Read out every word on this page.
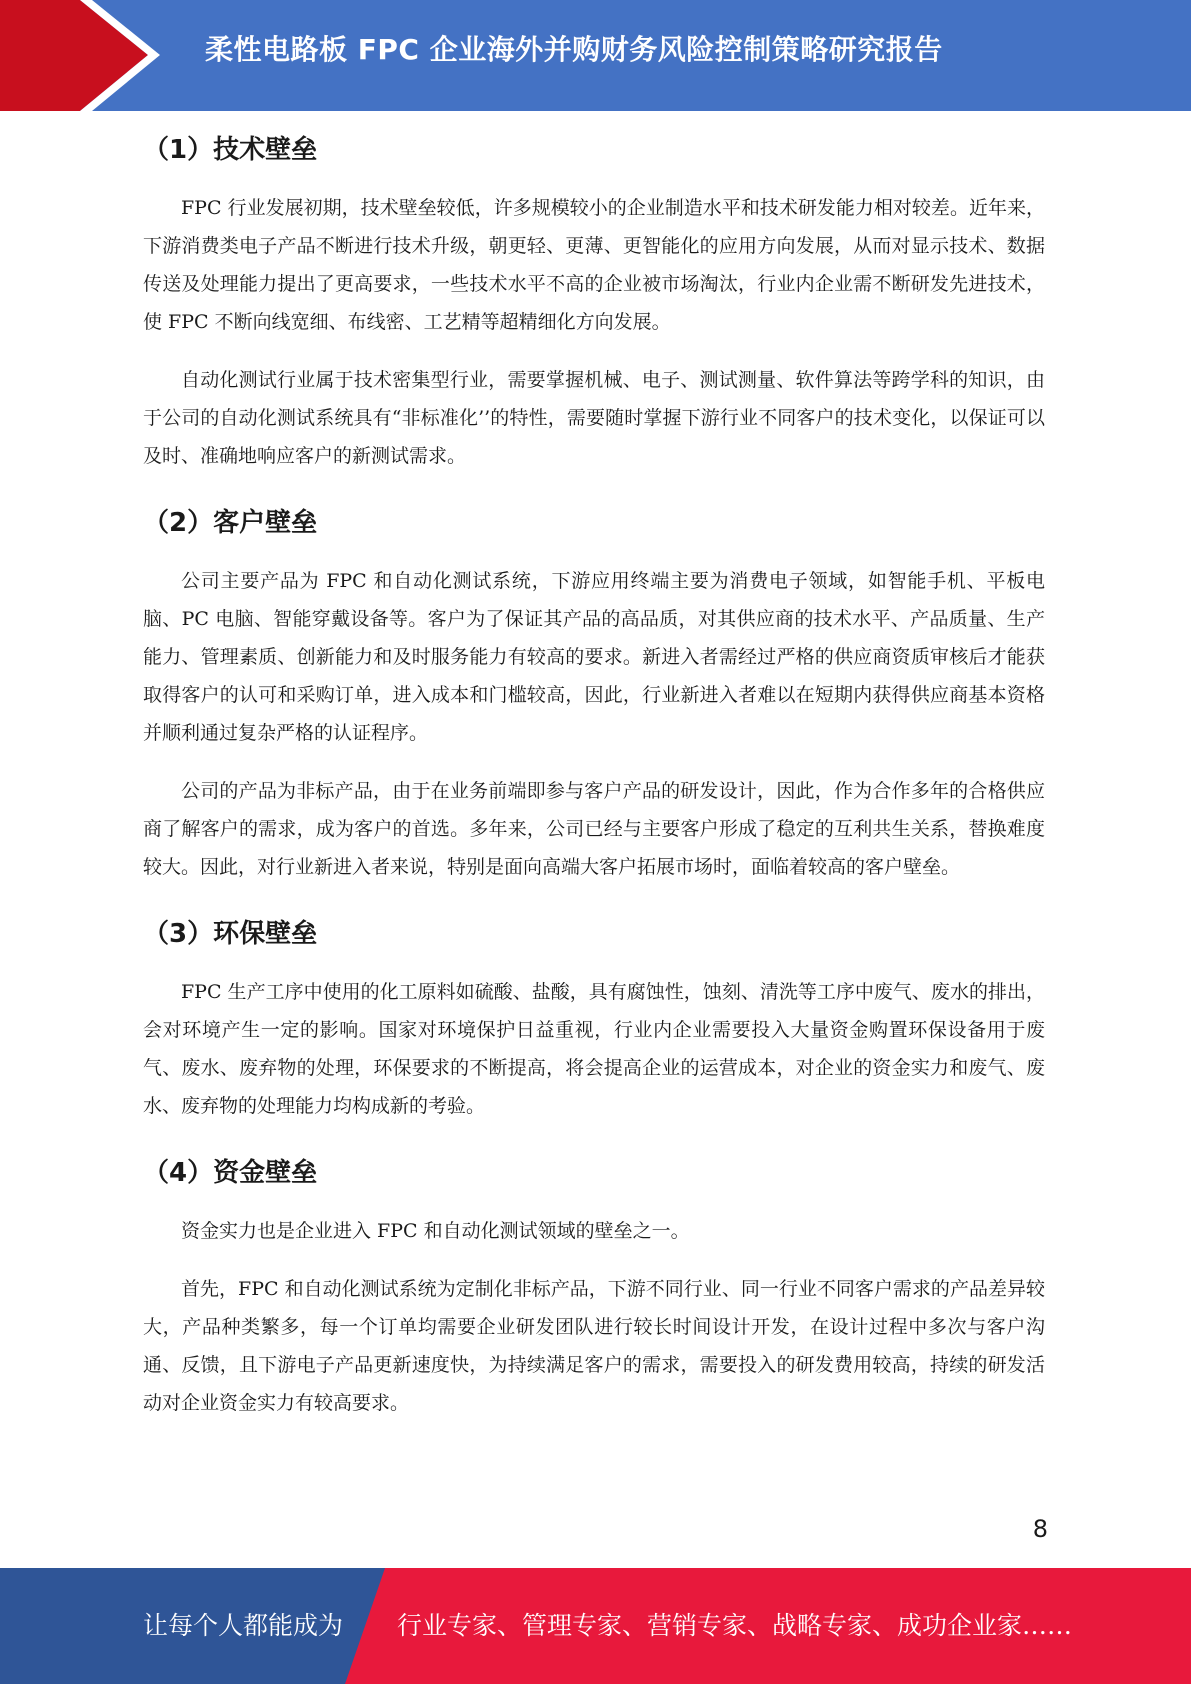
柔性电路板 FPC 企业海外并购财务风险控制策略研究报告
（1）技术壁垒

FPC 行业发展初期，技术壁垒较低，许多规模较小的企业制造水平和技术研发能力相对较差。近年来，下游消费类电子产品不断进行技术升级，朝更轻、更薄、更智能化的应用方向发展，从而对显示技术、数据传送及处理能力提出了更高要求，一些技术水平不高的企业被市场淘汰，行业内企业需不断研发先进技术，使 FPC 不断向线宽细、布线密、工艺精等超精细化方向发展。

自动化测试行业属于技术密集型行业，需要掌握机械、电子、测试测量、软件算法等跨学科的知识，由于公司的自动化测试系统具有“非标准化’’的特性，需要随时掌握下游行业不同客户的技术变化，以保证可以及时、准确地响应客户的新测试需求。

（2）客户壁垒

公司主要产品为 FPC 和自动化测试系统，下游应用终端主要为消费电子领域，如智能手机、平板电脑、PC 电脑、智能穿戴设备等。客户为了保证其产品的高品质，对其供应商的技术水平、产品质量、生产能力、管理素质、创新能力和及时服务能力有较高的要求。新进入者需经过严格的供应商资质审核后才能获取得客户的认可和采购订单，进入成本和门槛较高，因此，行业新进入者难以在短期内获得供应商基本资格并顺利通过复杂严格的认证程序。

公司的产品为非标产品，由于在业务前端即参与客户产品的研发设计，因此，作为合作多年的合格供应商了解客户的需求，成为客户的首选。多年来，公司已经与主要客户形成了稳定的互利共生关系，替换难度较大。因此，对行业新进入者来说，特别是面向高端大客户拓展市场时，面临着较高的客户壁垒。

（3）环保壁垒

FPC 生产工序中使用的化工原料如硫酸、盐酸，具有腐蚀性，蚀刻、清洗等工序中废气、废水的排出，会对环境产生一定的影响。国家对环境保护日益重视，行业内企业需要投入大量资金购置环保设备用于废气、废水、废弃物的处理，环保要求的不断提高，将会提高企业的运营成本，对企业的资金实力和废气、废水、废弃物的处理能力均构成新的考验。

（4）资金壁垒

资金实力也是企业进入 FPC 和自动化测试领域的壁垒之一。

首先，FPC 和自动化测试系统为定制化非标产品，下游不同行业、同一行业不同客户需求的产品差异较大，产品种类繁多，每一个订单均需要企业研发团队进行较长时间设计开发，在设计过程中多次与客户沟通、反馈，且下游电子产品更新速度快，为持续满足客户的需求，需要投入的研发费用较高，持续的研发活动对企业资金实力有较高要求。

8
让每个人都能成为 行业专家、管理专家、营销专家、战略专家、成功企业家……
